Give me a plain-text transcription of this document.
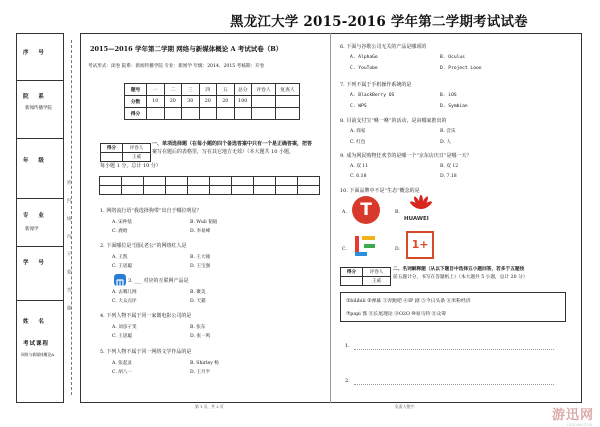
黑龙江大学 2015-2016 学年第二学期考试试卷
序 号
院 系
新闻传播学院
年 级
专 业
新闻学
学 号
姓 名
考试课程
网络与新媒体概论A
密 封 线 内 不 要 答 题
2015—2016 学年第二学期 网络与新媒体概论 A 考试试卷（B）
考试形式：闭卷 院系：新闻传播学院 专业：新闻学 年级：2014、2015 考核期：开卷
题号	一	二	三	四	五	总分	评卷人	复查人
分数	10	20	30	20	20	100		
得分								
得分	评卷人
	王威
一、单项选择题（在每小题的四个备选答案中只有一个是正确答案，把答
案写在题后的表格里，写在其它地方无效）（本大题共 10 小题，
每小题 1 分，总计 10 分）

1. 网络流行语“我选择狗带”出自于哪位明星？
A. 宋仲基	B. Wuli 韬韬
C. 鹿晗	D. 李易峰
2. 下面哪位是“国民老公”的网络红人是
A. 王凯	B. 王大锤
C. 王思聪	D. 王宝强
3. ___ 对应的互联网产品是
A. 去哪儿网	B. 聚美
C. 大众点评	D. 天猫
4. 下列人物不属于同一家微电影公司的是
A. 刘彦孑雯	B. 张东
C. 王思聪	D. 张一鸣
5. 下列人物不属于同一网络文学作品的是
A. 张起灵	B. Shirley 杨
C. 胡八一	D. 王月半
6. 下面与谷歌公司无关的产品是哪项的
A. AlphaGo	B. Oculus
C. YouTube	D. Project Loon
7. 下列不属于手机操作系统的是
A. BlackBerry OS	B. iOS
C. WPS	D. Symbian
8. 目前支付宝“咻一咻”的活动，是由哪家推出的
A. 商家	B. 音乐
C. 红包	D. 人
9. 成为网民购物狂欢节的是哪一个“京东店庆日”是哪一天？
A. 双 11	B. 双 12
C. 6.18	D. 7.18
10. 下面品牌中不是“生态”概念的是
A. T	B.
HUAWEI
C.	D.	1+
得分	评卷人
	王威
二、名词解释题（从以下题目中选择五小题回答，若多于五题按
前五题计分，书写在答题纸上）（本大题共 5 小题，总计 20 分）
①bilibili ②弹幕 ③奔跑吧 ④IP 剧 ⑤今日头条 ⑥米粉经济
⑦papi 酱 ⑧长尾理论 ⑨O2O ⑩易马特 ⑪众筹
1.
2.
第 1 页，共 2 页	负责人签字：
游迅网
YXDOWN.COM
